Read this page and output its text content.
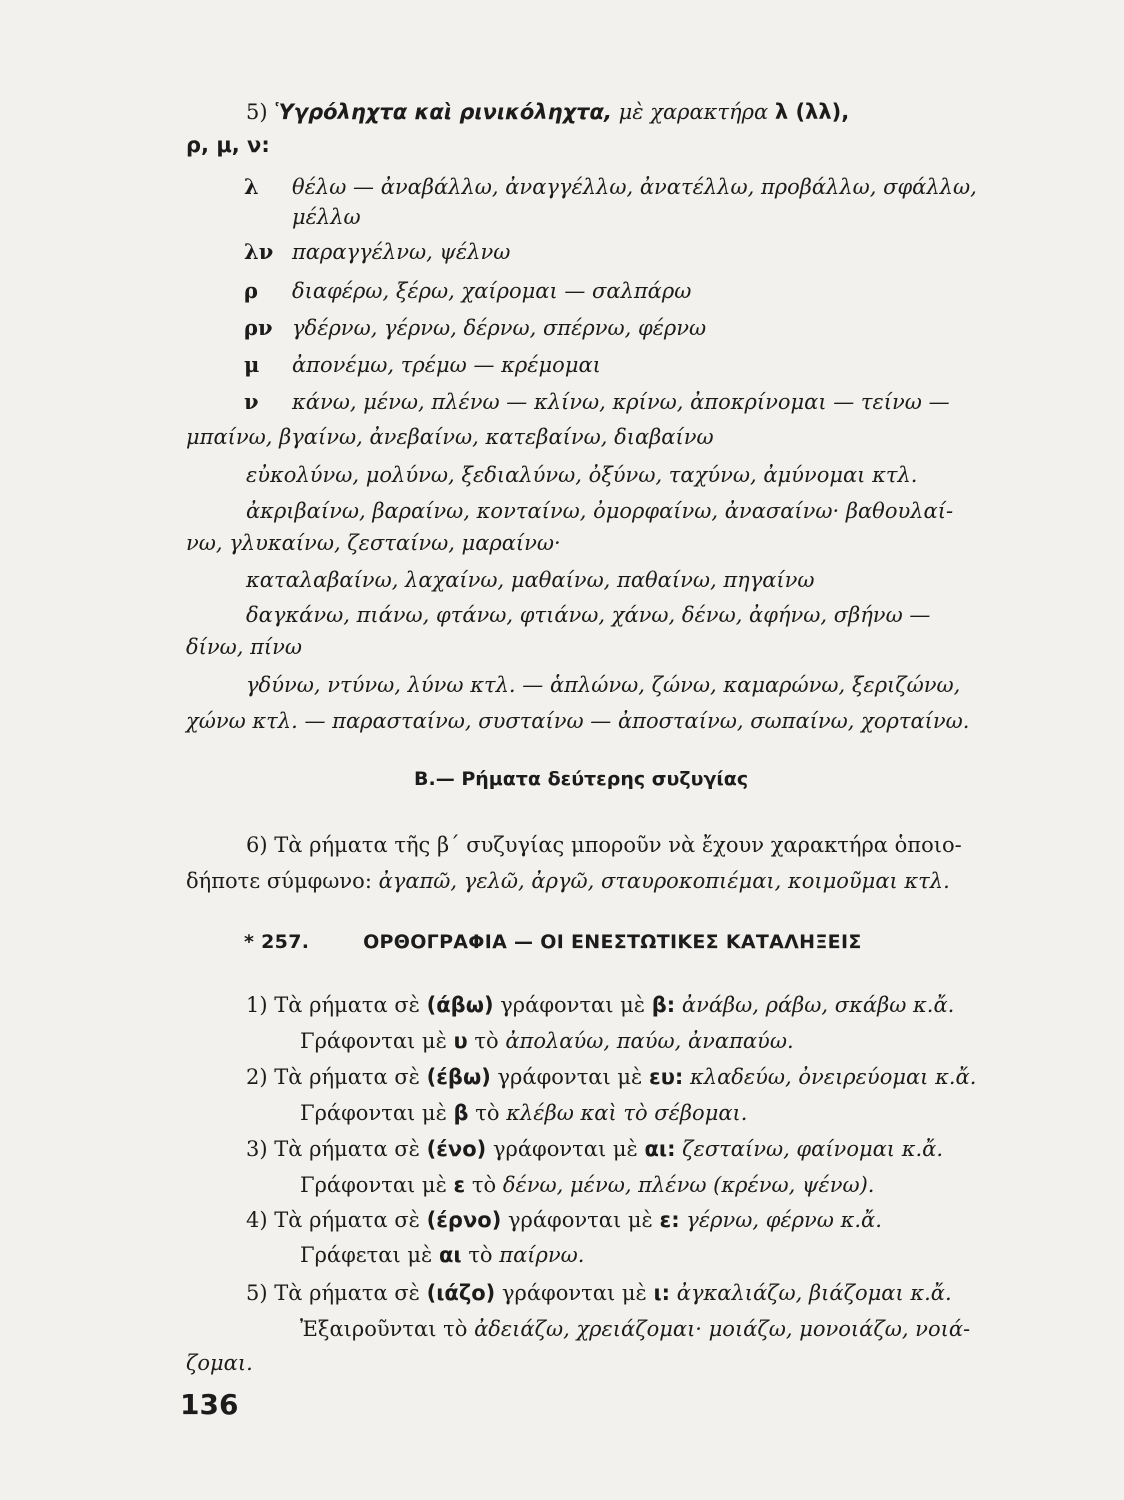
5) Ὑγρόληχτα καὶ ρινικόληχτα, μὲ χαρακτήρα λ (λλ),
ρ, μ, ν:
λ θέλω — ἀναβάλλω, ἀναγγέλλω, ἀνατέλλω, προβάλλω, σφάλλω,
μέλλω
λν παραγγέλνω, ψέλνω
ρ διαφέρω, ξέρω, χαίρομαι — σαλπάρω
ρν γδέρνω, γέρνω, δέρνω, σπέρνω, φέρνω
μ ἀπονέμω, τρέμω — κρέμομαι
ν κάνω, μένω, πλένω — κλίνω, κρίνω, ἀποκρίνομαι — τείνω —
μπαίνω, βγαίνω, ἀνεβαίνω, κατεβαίνω, διαβαίνω
εὐκολύνω, μολύνω, ξεδιαλύνω, ὀξύνω, ταχύνω, ἀμύνομαι κτλ.
ἀκριβαίνω, βαραίνω, κονταίνω, ὀμορφαίνω, ἀνασαίνω· βαθουλαί-
νω, γλυκαίνω, ζεσταίνω, μαραίνω·
καταλαβαίνω, λαχαίνω, μαθαίνω, παθαίνω, πηγαίνω
δαγκάνω, πιάνω, φτάνω, φτιάνω, χάνω, δένω, ἀφήνω, σβήνω —
δίνω, πίνω
γδύνω, ντύνω, λύνω κτλ. — ἁπλώνω, ζώνω, καμαρώνω, ξεριζώνω,
χώνω κτλ. — παρασταίνω, συσταίνω — ἀποσταίνω, σωπαίνω, χορταίνω.
Β.— Ρήματα δεύτερης συζυγίας
6) Τὰ ρήματα τῆς β΄ συζυγίας μποροῦν νὰ ἔχουν χαρακτήρα ὁποιο-
δήποτε σύμφωνο: ἀγαπῶ, γελῶ, ἀργῶ, σταυροκοπιέμαι, κοιμοῦμαι κτλ.
* 257.	ΟΡΘΟΓΡΑΦΙΑ — ΟΙ ΕΝΕΣΤΩΤΙΚΕΣ ΚΑΤΑΛΗΞΕΙΣ
1) Τὰ ρήματα σὲ (άβω) γράφονται μὲ β: ἀνάβω, ράβω, σκάβω κ.ἄ.
Γράφονται μὲ υ τὸ ἀπολαύω, παύω, ἀναπαύω.
2) Τὰ ρήματα σὲ (έβω) γράφονται μὲ ευ: κλαδεύω, ὀνειρεύομαι κ.ἄ.
Γράφονται μὲ β τὸ κλέβω καὶ τὸ σέβομαι.
3) Τὰ ρήματα σὲ (ένο) γράφονται μὲ αι: ζεσταίνω, φαίνομαι κ.ἄ.
Γράφονται μὲ ε τὸ δένω, μένω, πλένω (κρένω, ψένω).
4) Τὰ ρήματα σὲ (έρνο) γράφονται μὲ ε: γέρνω, φέρνω κ.ἄ.
Γράφεται μὲ αι τὸ παίρνω.
5) Τὰ ρήματα σὲ (ιάζο) γράφονται μὲ ι: ἀγκαλιάζω, βιάζομαι κ.ἄ.
Ἐξαιροῦνται τὸ ἀδειάζω, χρειάζομαι· μοιάζω, μονοιάζω, νοιά-
ζομαι.
136
